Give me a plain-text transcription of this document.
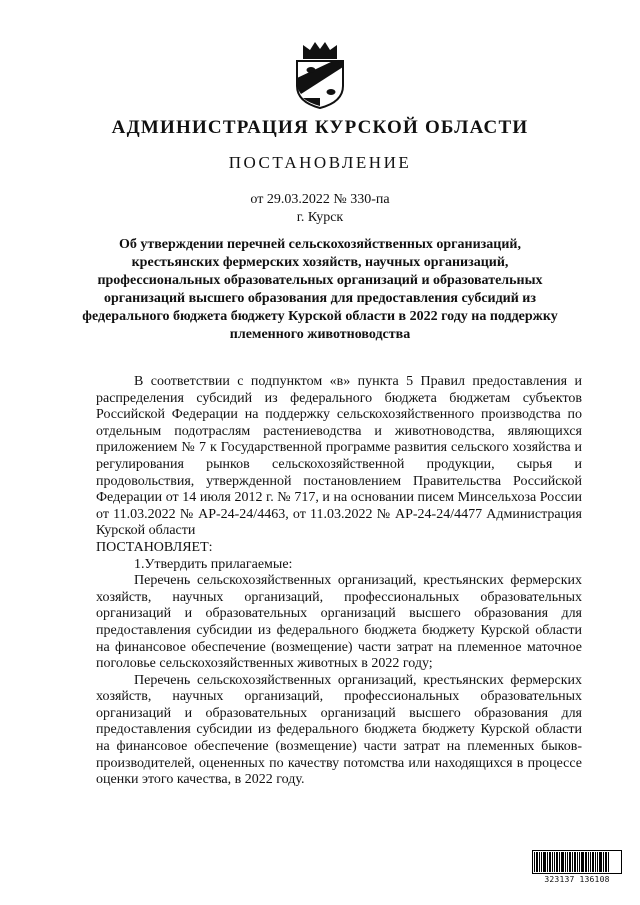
АДМИНИСТРАЦИЯ КУРСКОЙ ОБЛАСТИ
ПОСТАНОВЛЕНИЕ
от 29.03.2022 № 330-па
г. Курск

Об утверждении перечней сельскохозяйственных организаций, крестьянских фермерских хозяйств, научных организаций, профессиональных образовательных организаций и образовательных организаций высшего образования для предоставления субсидий из федерального бюджета бюджету Курской области в 2022 году на поддержку племенного животноводства

В соответствии с подпунктом «в» пункта 5 Правил предоставления и распределения субсидий из федерального бюджета бюджетам субъектов Российской Федерации на поддержку сельскохозяйственного производства по отдельным подотраслям растениеводства и животноводства, являющихся приложением № 7 к Государственной программе развития сельского хозяйства и регулирования рынков сельскохозяйственной продукции, сырья и продовольствия, утвержденной постановлением Правительства Российской Федерации от 14 июля 2012 г. № 717, и на основании писем Минсельхоза России от 11.03.2022 № АР-24-24/4463, от 11.03.2022 № АР-24-24/4477 Администрация Курской области

ПОСТАНОВЛЯЕТ:

1.Утвердить прилагаемые:

Перечень сельскохозяйственных организаций, крестьянских фермерских хозяйств, научных организаций, профессиональных образовательных организаций и образовательных организаций высшего образования для предоставления субсидии из федерального бюджета бюджету Курской области на финансовое обеспечение (возмещение) части затрат на племенное маточное поголовье сельскохозяйственных животных в 2022 году;

Перечень сельскохозяйственных организаций, крестьянских фермерских хозяйств, научных организаций, профессиональных образовательных организаций и образовательных организаций высшего образования для предоставления субсидии из федерального бюджета бюджету Курской области на финансовое обеспечение (возмещение) части затрат на племенных быков-производителей, оцененных по качеству потомства или находящихся в процессе оценки этого качества, в 2022 году.

323137 136108
